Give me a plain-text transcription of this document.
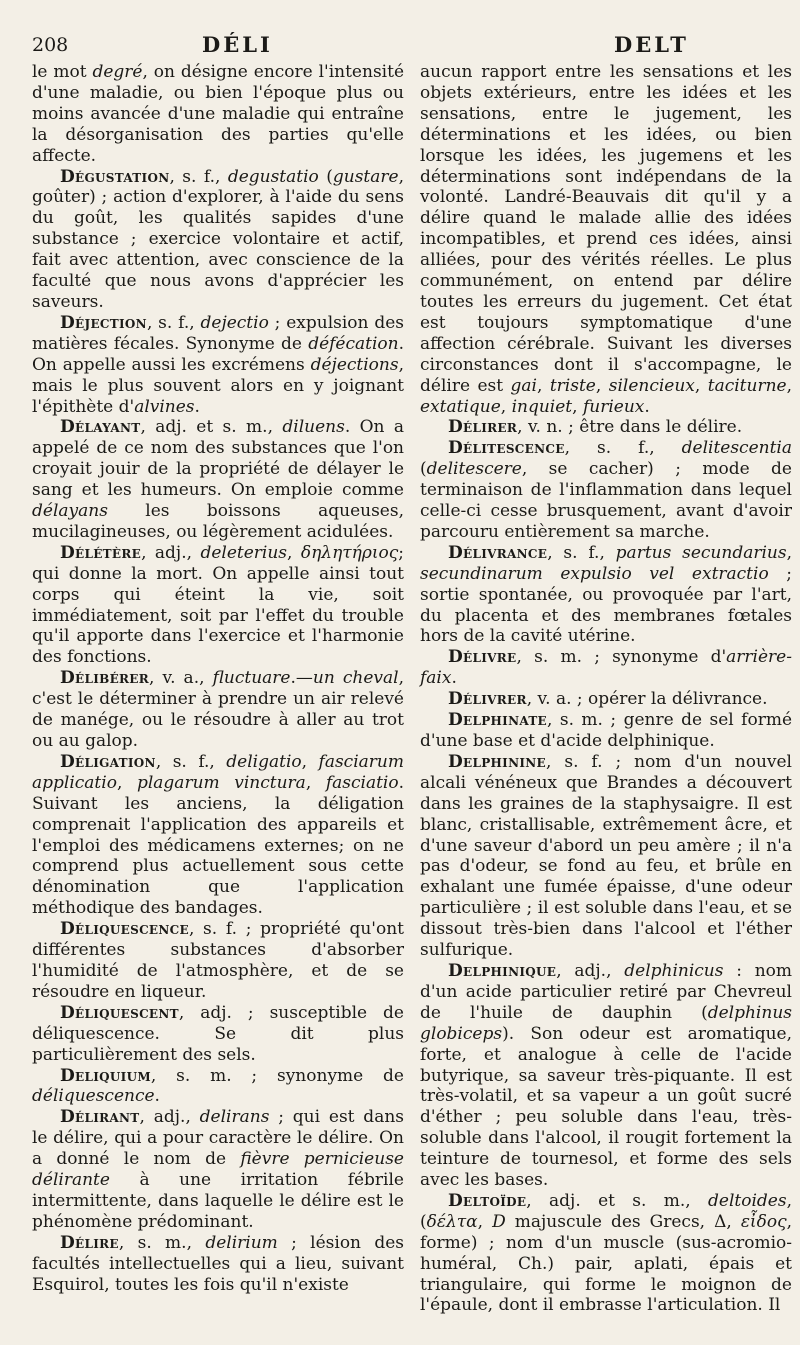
208	DÉLI	DELT

le mot degré, on désigne encore l'intensité d'une maladie, ou bien l'époque plus ou moins avancée d'une maladie qui entraîne la désorganisation des parties qu'elle affecte.

Dégustation, s. f., degustatio (gustare, goûter) ; action d'explorer, à l'aide du sens du goût, les qualités sapides d'une substance ; exercice volontaire et actif, fait avec attention, avec conscience de la faculté que nous avons d'apprécier les saveurs.

Déjection, s. f., dejectio ; expulsion des matières fécales. Synonyme de défécation. On appelle aussi les excrémens déjections, mais le plus souvent alors en y joignant l'épithète d'alvines.

Délayant, adj. et s. m., diluens. On a appelé de ce nom des substances que l'on croyait jouir de la propriété de délayer le sang et les humeurs. On emploie comme délayans les boissons aqueuses, mucilagineuses, ou légèrement acidulées.

Délétère, adj., deleterius, δηλητήριος; qui donne la mort. On appelle ainsi tout corps qui éteint la vie, soit immédiatement, soit par l'effet du trouble qu'il apporte dans l'exercice et l'harmonie des fonctions.

Délibérer, v. a., fluctuare.—un cheval, c'est le déterminer à prendre un air relevé de manége, ou le résoudre à aller au trot ou au galop.

Déligation, s. f., deligatio, fasciarum applicatio, plagarum vinctura, fasciatio. Suivant les anciens, la déligation comprenait l'application des appareils et l'emploi des médicamens externes; on ne comprend plus actuellement sous cette dénomination que l'application méthodique des bandages.

Déliquescence, s. f. ; propriété qu'ont différentes substances d'absorber l'humidité de l'atmosphère, et de se résoudre en liqueur.

Déliquescent, adj. ; susceptible de déliquescence. Se dit plus particulièrement des sels.

Deliquium, s. m. ; synonyme de déliquescence.

Délirant, adj., delirans ; qui est dans le délire, qui a pour caractère le délire. On a donné le nom de fièvre pernicieuse délirante à une irritation fébrile intermittente, dans laquelle le délire est le phénomène prédominant.

Délire, s. m., delirium ; lésion des facultés intellectuelles qui a lieu, suivant Esquirol, toutes les fois qu'il n'existe

aucun rapport entre les sensations et les objets extérieurs, entre les idées et les sensations, entre le jugement, les déterminations et les idées, ou bien lorsque les idées, les jugemens et les déterminations sont indépendans de la volonté. Landré-Beauvais dit qu'il y a délire quand le malade allie des idées incompatibles, et prend ces idées, ainsi alliées, pour des vérités réelles. Le plus communément, on entend par délire toutes les erreurs du jugement. Cet état est toujours symptomatique d'une affection cérébrale. Suivant les diverses circonstances dont il s'accompagne, le délire est gai, triste, silencieux, taciturne, extatique, inquiet, furieux.

Délirer, v. n. ; être dans le délire.

Délitescence, s. f., delitescentia (delitescere, se cacher) ; mode de terminaison de l'inflammation dans lequel celle-ci cesse brusquement, avant d'avoir parcouru entièrement sa marche.

Délivrance, s. f., partus secundarius, secundinarum expulsio vel extractio ; sortie spontanée, ou provoquée par l'art, du placenta et des membranes fœtales hors de la cavité utérine.

Délivre, s. m. ; synonyme d'arrière-faix.

Délivrer, v. a. ; opérer la délivrance.

Delphinate, s. m. ; genre de sel formé d'une base et d'acide delphinique.

Delphinine, s. f. ; nom d'un nouvel alcali vénéneux que Brandes a découvert dans les graines de la staphysaigre. Il est blanc, cristallisable, extrêmement âcre, et d'une saveur d'abord un peu amère ; il n'a pas d'odeur, se fond au feu, et brûle en exhalant une fumée épaisse, d'une odeur particulière ; il est soluble dans l'eau, et se dissout très-bien dans l'alcool et l'éther sulfurique.

Delphinique, adj., delphinicus : nom d'un acide particulier retiré par Chevreul de l'huile de dauphin (delphinus globiceps). Son odeur est aromatique, forte, et analogue à celle de l'acide butyrique, sa saveur très-piquante. Il est très-volatil, et sa vapeur a un goût sucré d'éther ; peu soluble dans l'eau, très-soluble dans l'alcool, il rougit fortement la teinture de tournesol, et forme des sels avec les bases.

Deltoïde, adj. et s. m., deltoides, (δέλτα, D majuscule des Grecs, Δ, εἶδος, forme) ; nom d'un muscle (sus-acromio-huméral, Ch.) pair, aplati, épais et triangulaire, qui forme le moignon de l'épaule, dont il embrasse l'articulation. Il
